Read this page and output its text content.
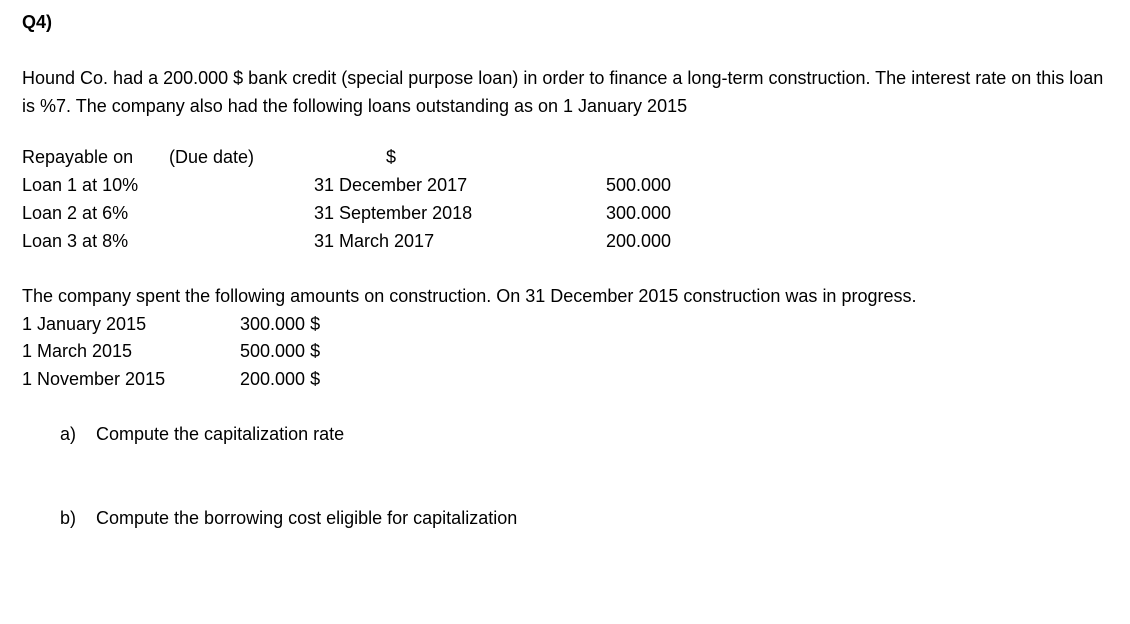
Q4)
Hound Co. had a 200.000 $ bank credit (special purpose loan) in order to finance a long-term construction. The interest rate on this loan is %7. The company also had the following loans outstanding as on 1 January 2015
Repayable on (Due date)	$
Loan 1 at 10%	31 December 2017	500.000
Loan 2 at 6%	31 September 2018	300.000
Loan 3 at 8%	31 March 2017	200.000
The company spent the following amounts on construction. On 31 December 2015 construction was in progress.
1 January 2015	300.000 $
1 March 2015	500.000 $
1 November 2015	200.000 $
a) Compute the capitalization rate
b) Compute the borrowing cost eligible for capitalization
